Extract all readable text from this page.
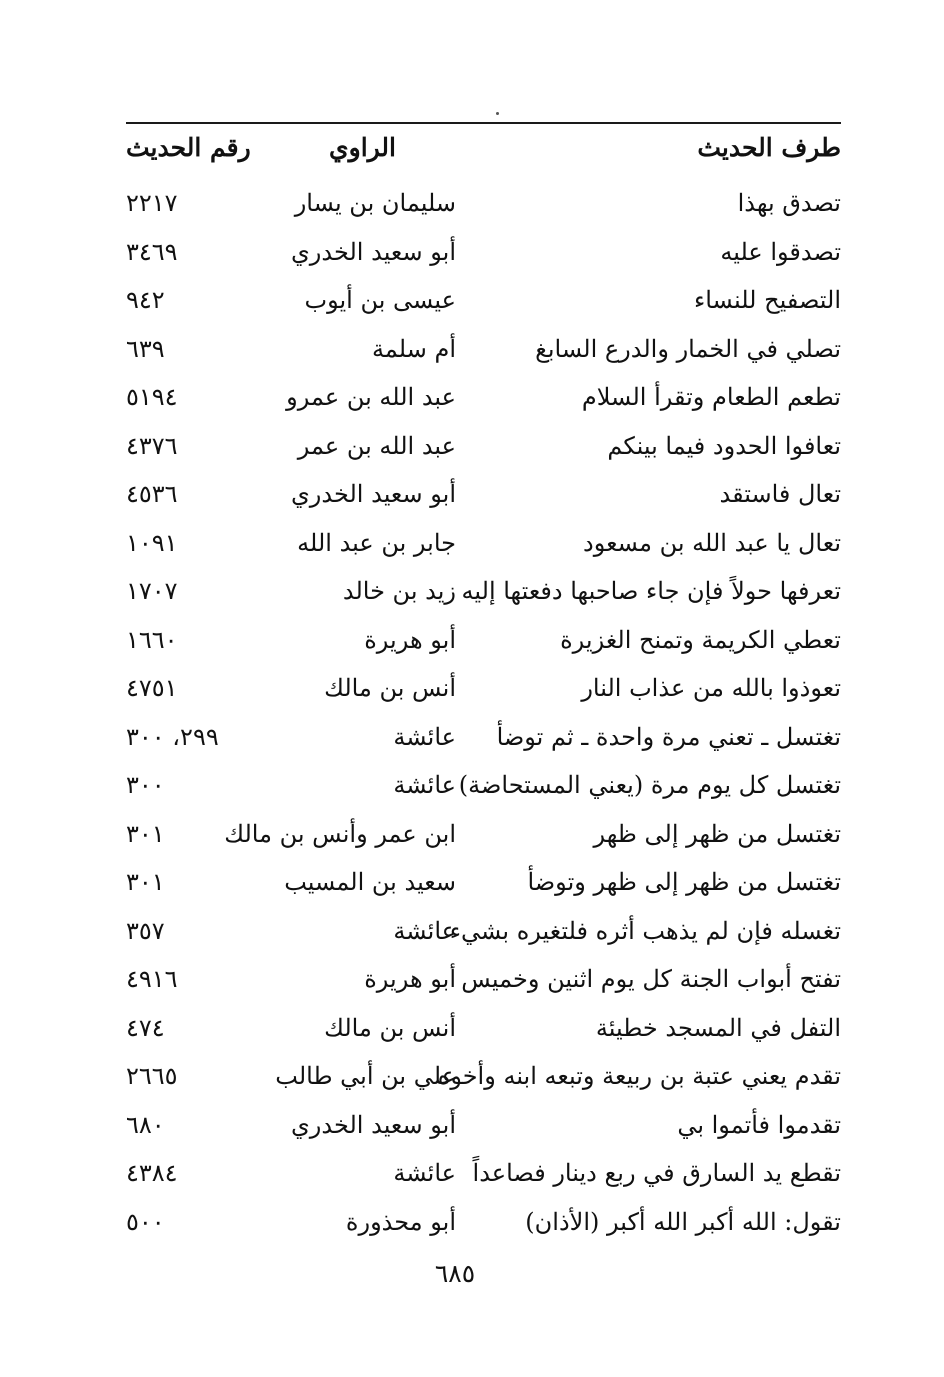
طرف الحديث
الراوي
رقم الحديث
تصدق بهذا
سليمان بن يسار
٢٢١٧
تصدقوا عليه
أبو سعيد الخدري
٣٤٦٩
التصفيح للنساء
عيسى بن أيوب
٩٤٢
تصلي في الخمار والدرع السابغ
أم سلمة
٦٣٩
تطعم الطعام وتقرأ السلام
عبد الله بن عمرو
٥١٩٤
تعافوا الحدود فيما بينكم
عبد الله بن عمر
٤٣٧٦
تعال فاستقد
أبو سعيد الخدري
٤٥٣٦
تعال يا عبد الله بن مسعود
جابر بن عبد الله
١٠٩١
تعرفها حولاً فإن جاء صاحبها دفعتها إليه
زيد بن خالد
١٧٠٧
تعطي الكريمة وتمنح الغزيرة
أبو هريرة
١٦٦٠
تعوذوا بالله من عذاب النار
أنس بن مالك
٤٧٥١
تغتسل ـ تعني مرة واحدة ـ ثم توضأ
عائشة
٢٩٩، ٣٠٠
تغتسل كل يوم مرة (يعني المستحاضة)
عائشة
٣٠٠
تغتسل من ظهر إلى ظهر
ابن عمر وأنس بن مالك
٣٠١
تغتسل من ظهر إلى ظهر وتوضأ
سعيد بن المسيب
٣٠١
تغسله فإن لم يذهب أثره فلتغيره بشيء
عائشة
٣٥٧
تفتح أبواب الجنة كل يوم اثنين وخميس
أبو هريرة
٤٩١٦
التفل في المسجد خطيئة
أنس بن مالك
٤٧٤
تقدم يعني عتبة بن ربيعة وتبعه ابنه وأخوه
علي بن أبي طالب
٢٦٦٥
تقدموا فأتموا بي
أبو سعيد الخدري
٦٨٠
تقطع يد السارق في ربع دينار فصاعداً
عائشة
٤٣٨٤
تقول: الله أكبر الله أكبر (الأذان)
أبو محذورة
٥٠٠
٦٨٥
